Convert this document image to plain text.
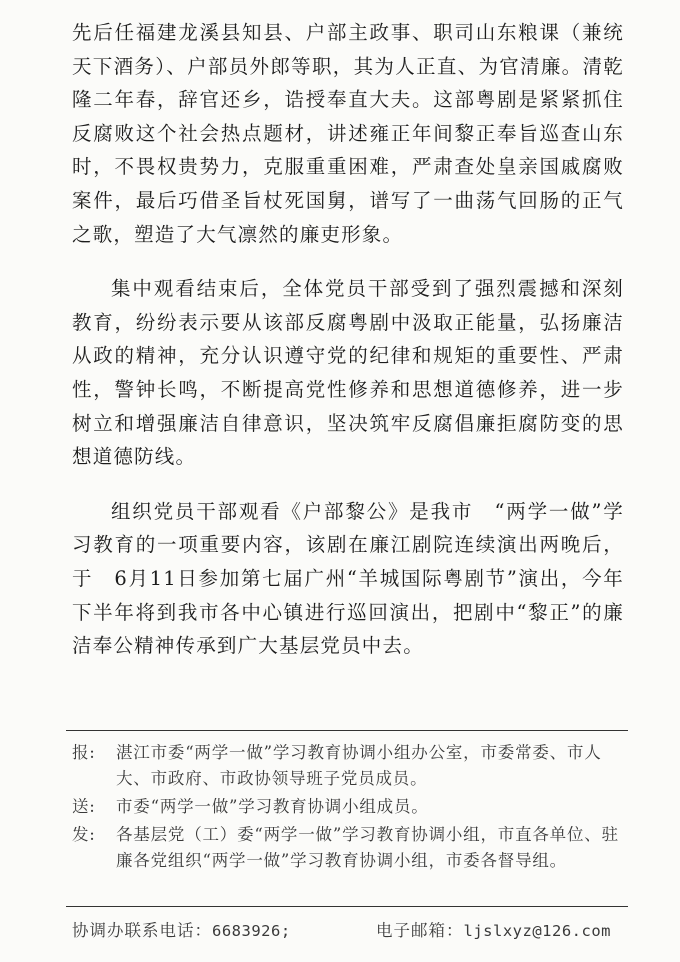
先后任福建龙溪县知县、户部主政事、职司山东粮课（兼统天下酒务）、户部员外郎等职，其为人正直、为官清廉。清乾隆二年春，辞官还乡，诰授奉直大夫。这部粤剧是紧紧抓住反腐败这个社会热点题材，讲述雍正年间黎正奉旨巡查山东时，不畏权贵势力，克服重重困难，严肃查处皇亲国戚腐败案件，最后巧借圣旨杖死国舅，谱写了一曲荡气回肠的正气之歌，塑造了大气凛然的廉吏形象。

集中观看结束后，全体党员干部受到了强烈震撼和深刻教育，纷纷表示要从该部反腐粤剧中汲取正能量，弘扬廉洁从政的精神，充分认识遵守党的纪律和规矩的重要性、严肃性，警钟长鸣，不断提高党性修养和思想道德修养，进一步树立和增强廉洁自律意识，坚决筑牢反腐倡廉拒腐防变的思想道德防线。

组织党员干部观看《户部黎公》是我市　“两学一做”学习教育的一项重要内容，该剧在廉江剧院连续演出两晚后，于　6月11日参加第七届广州“羊城国际粤剧节”演出，今年下半年将到我市各中心镇进行巡回演出，把剧中“黎正”的廉洁奉公精神传承到广大基层党员中去。

报:	湛江市委“两学一做”学习教育协调小组办公室，市委常委、市人大、市政府、市政协领导班子党员成员。
送:	市委“两学一做”学习教育协调小组成员。
发:	各基层党（工）委“两学一做”学习教育协调小组，市直各单位、驻廉各党组织“两学一做”学习教育协调小组，市委各督导组。
协调办联系电话：6683926;	电子邮箱：ljslxyz@126.com
